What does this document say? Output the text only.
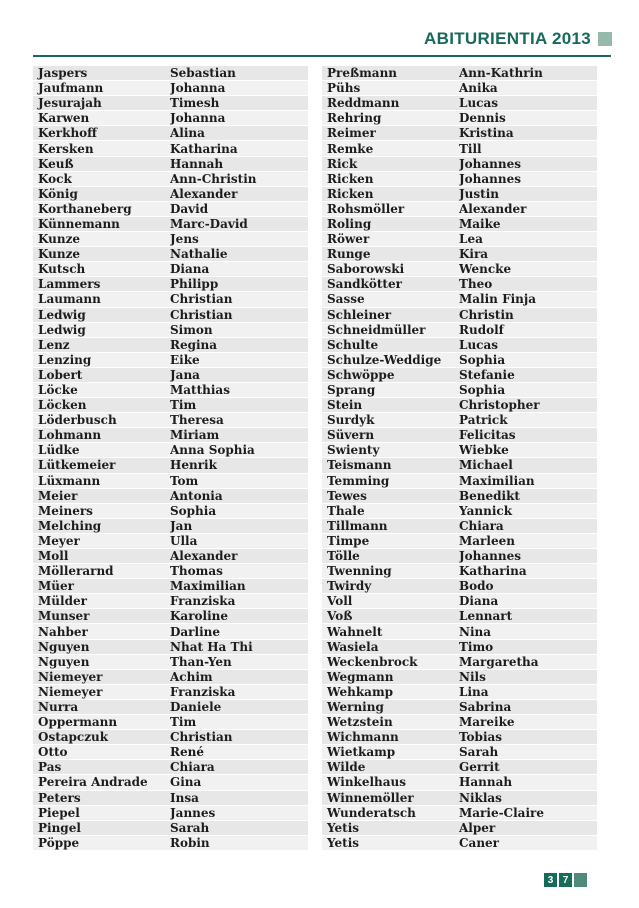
ABITURIENTIA 2013
Jaspers	Sebastian
Jaufmann	Johanna
Jesurajah	Timesh
Karwen	Johanna
Kerkhoff	Alina
Kersken	Katharina
Keuß	Hannah
Kock	Ann-Christin
König	Alexander
Korthaneberg	David
Künnemann	Marc-David
Kunze	Jens
Kunze	Nathalie
Kutsch	Diana
Lammers	Philipp
Laumann	Christian
Ledwig	Christian
Ledwig	Simon
Lenz	Regina
Lenzing	Eike
Lobert	Jana
Löcke	Matthias
Löcken	Tim
Löderbusch	Theresa
Lohmann	Miriam
Lüdke	Anna Sophia
Lütkemeier	Henrik
Lüxmann	Tom
Meier	Antonia
Meiners	Sophia
Melching	Jan
Meyer	Ulla
Moll	Alexander
Möllerarnd	Thomas
Müer	Maximilian
Mülder	Franziska
Munser	Karoline
Nahber	Darline
Nguyen	Nhat Ha Thi
Nguyen	Than-Yen
Niemeyer	Achim
Niemeyer	Franziska
Nurra	Daniele
Oppermann	Tim
Ostapczuk	Christian
Otto	René
Pas	Chiara
Pereira Andrade	Gina
Peters	Insa
Piepel	Jannes
Pingel	Sarah
Pöppe	Robin
Preßmann	Ann-Kathrin
Pühs	Anika
Reddmann	Lucas
Rehring	Dennis
Reimer	Kristina
Remke	Till
Rick	Johannes
Ricken	Johannes
Ricken	Justin
Rohsmöller	Alexander
Roling	Maike
Röwer	Lea
Runge	Kira
Saborowski	Wencke
Sandkötter	Theo
Sasse	Malin Finja
Schleiner	Christin
Schneidmüller	Rudolf
Schulte	Lucas
Schulze-Weddige	Sophia
Schwöppe	Stefanie
Sprang	Sophia
Stein	Christopher
Surdyk	Patrick
Süvern	Felicitas
Swienty	Wiebke
Teismann	Michael
Temming	Maximilian
Tewes	Benedikt
Thale	Yannick
Tillmann	Chiara
Timpe	Marleen
Tölle	Johannes
Twenning	Katharina
Twirdy	Bodo
Voll	Diana
Voß	Lennart
Wahnelt	Nina
Wasiela	Timo
Weckenbrock	Margaretha
Wegmann	Nils
Wehkamp	Lina
Werning	Sabrina
Wetzstein	Mareike
Wichmann	Tobias
Wietkamp	Sarah
Wilde	Gerrit
Winkelhaus	Hannah
Winnemöller	Niklas
Wunderatsch	Marie-Claire
Yetis	Alper
Yetis	Caner
3 7
